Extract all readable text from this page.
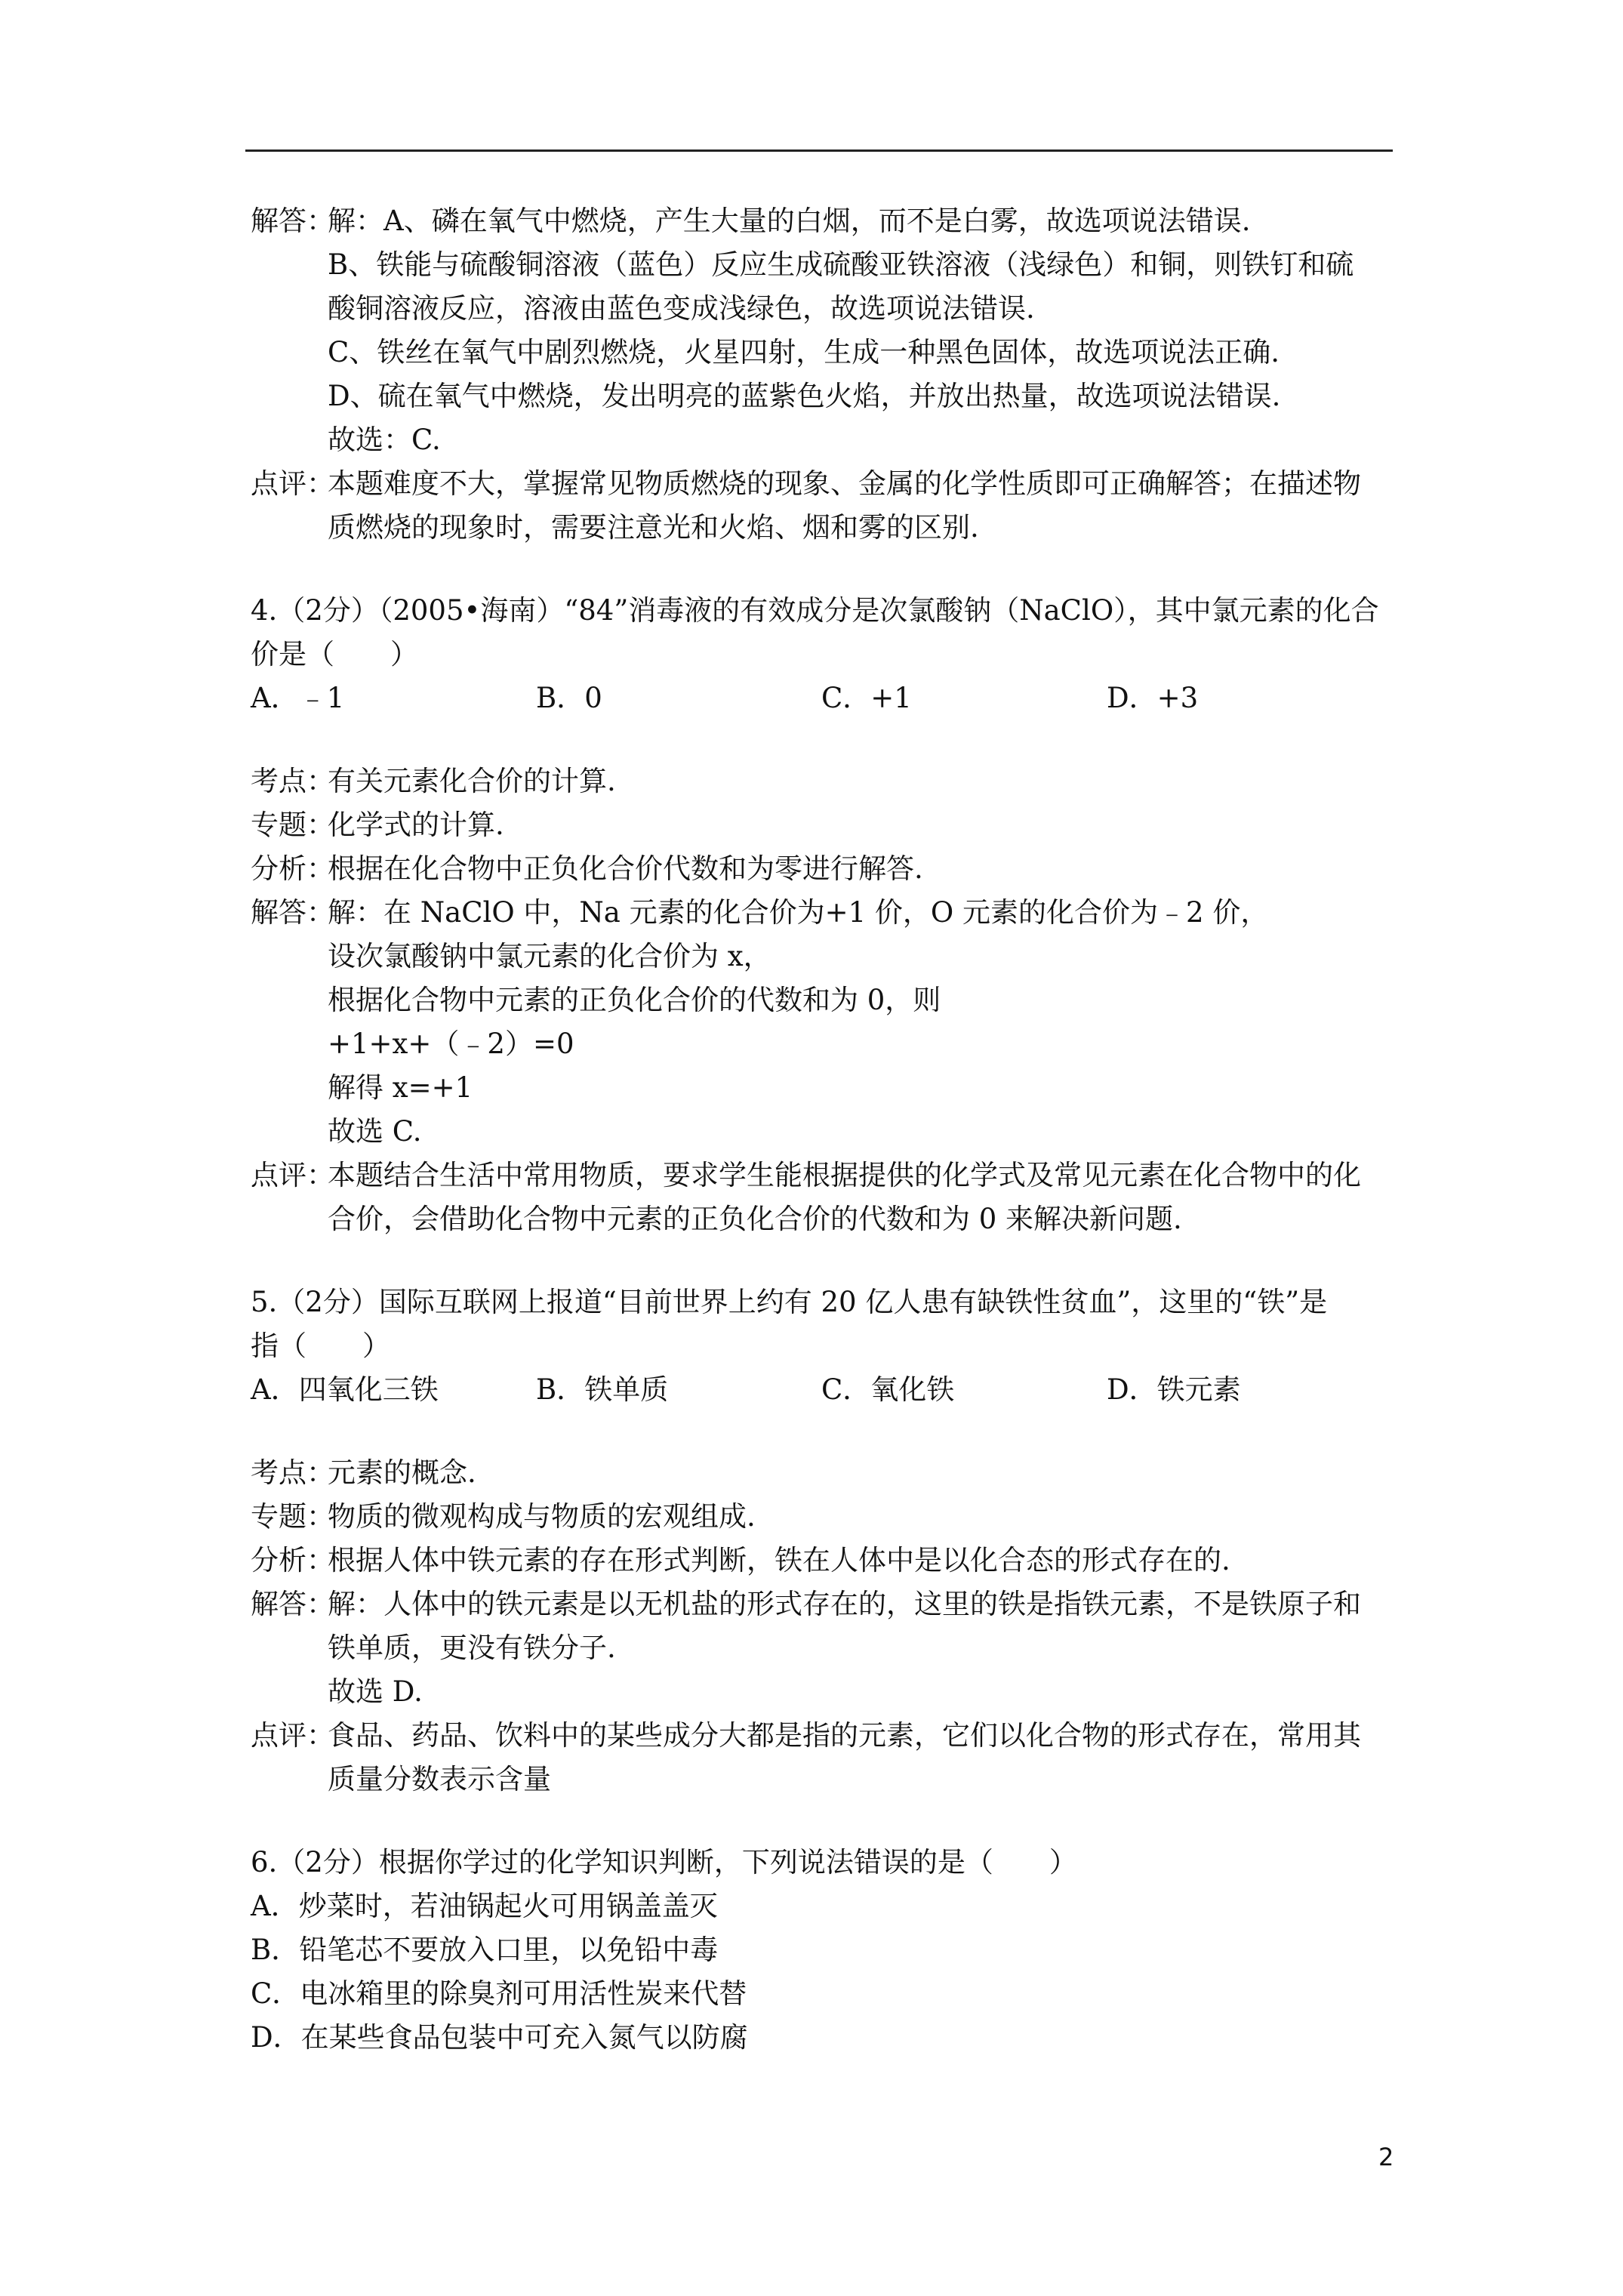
解答：
解：A、磷在氧气中燃烧，产生大量的白烟，而不是白雾，故选项说法错误.
B、铁能与硫酸铜溶液（蓝色）反应生成硫酸亚铁溶液（浅绿色）和铜，则铁钉和硫
酸铜溶液反应，溶液由蓝色变成浅绿色，故选项说法错误.
C、铁丝在氧气中剧烈燃烧，火星四射，生成一种黑色固体，故选项说法正确.
D、硫在氧气中燃烧，发出明亮的蓝紫色火焰，并放出热量，故选项说法错误.
故选：C.
点评：
本题难度不大，掌握常见物质燃烧的现象、金属的化学性质即可正确解答；在描述物
质燃烧的现象时，需要注意光和火焰、烟和雾的区别.
4.（2分）（2005•海南）“84”消毒液的有效成分是次氯酸钠（NaClO），其中氯元素的化合
价是（　　）
A．﹣1	B．0	C．+1	D．+3
考点：
有关元素化合价的计算.
专题：
化学式的计算.
分析：
根据在化合物中正负化合价代数和为零进行解答.
解答：
解：在 NaClO 中，Na 元素的化合价为+1 价，O 元素的化合价为﹣2 价，
设次氯酸钠中氯元素的化合价为 x，
根据化合物中元素的正负化合价的代数和为 0，则
+1+x+（﹣2）=0
解得 x=+1
故选 C.
点评：
本题结合生活中常用物质，要求学生能根据提供的化学式及常见元素在化合物中的化
合价，会借助化合物中元素的正负化合价的代数和为 0 来解决新问题.
5.（2分）国际互联网上报道“目前世界上约有 20 亿人患有缺铁性贫血”，这里的“铁”是
指（　　）
A．四氧化三铁	B．铁单质	C．氧化铁	D．铁元素
考点：
元素的概念.
专题：
物质的微观构成与物质的宏观组成.
分析：
根据人体中铁元素的存在形式判断，铁在人体中是以化合态的形式存在的.
解答：
解：人体中的铁元素是以无机盐的形式存在的，这里的铁是指铁元素，不是铁原子和
铁单质，更没有铁分子.
故选 D.
点评：
食品、药品、饮料中的某些成分大都是指的元素，它们以化合物的形式存在，常用其
质量分数表示含量
6.（2分）根据你学过的化学知识判断，下列说法错误的是（　　）
A．炒菜时，若油锅起火可用锅盖盖灭
B．铅笔芯不要放入口里，以免铅中毒
C．电冰箱里的除臭剂可用活性炭来代替
D．在某些食品包装中可充入氮气以防腐
2
